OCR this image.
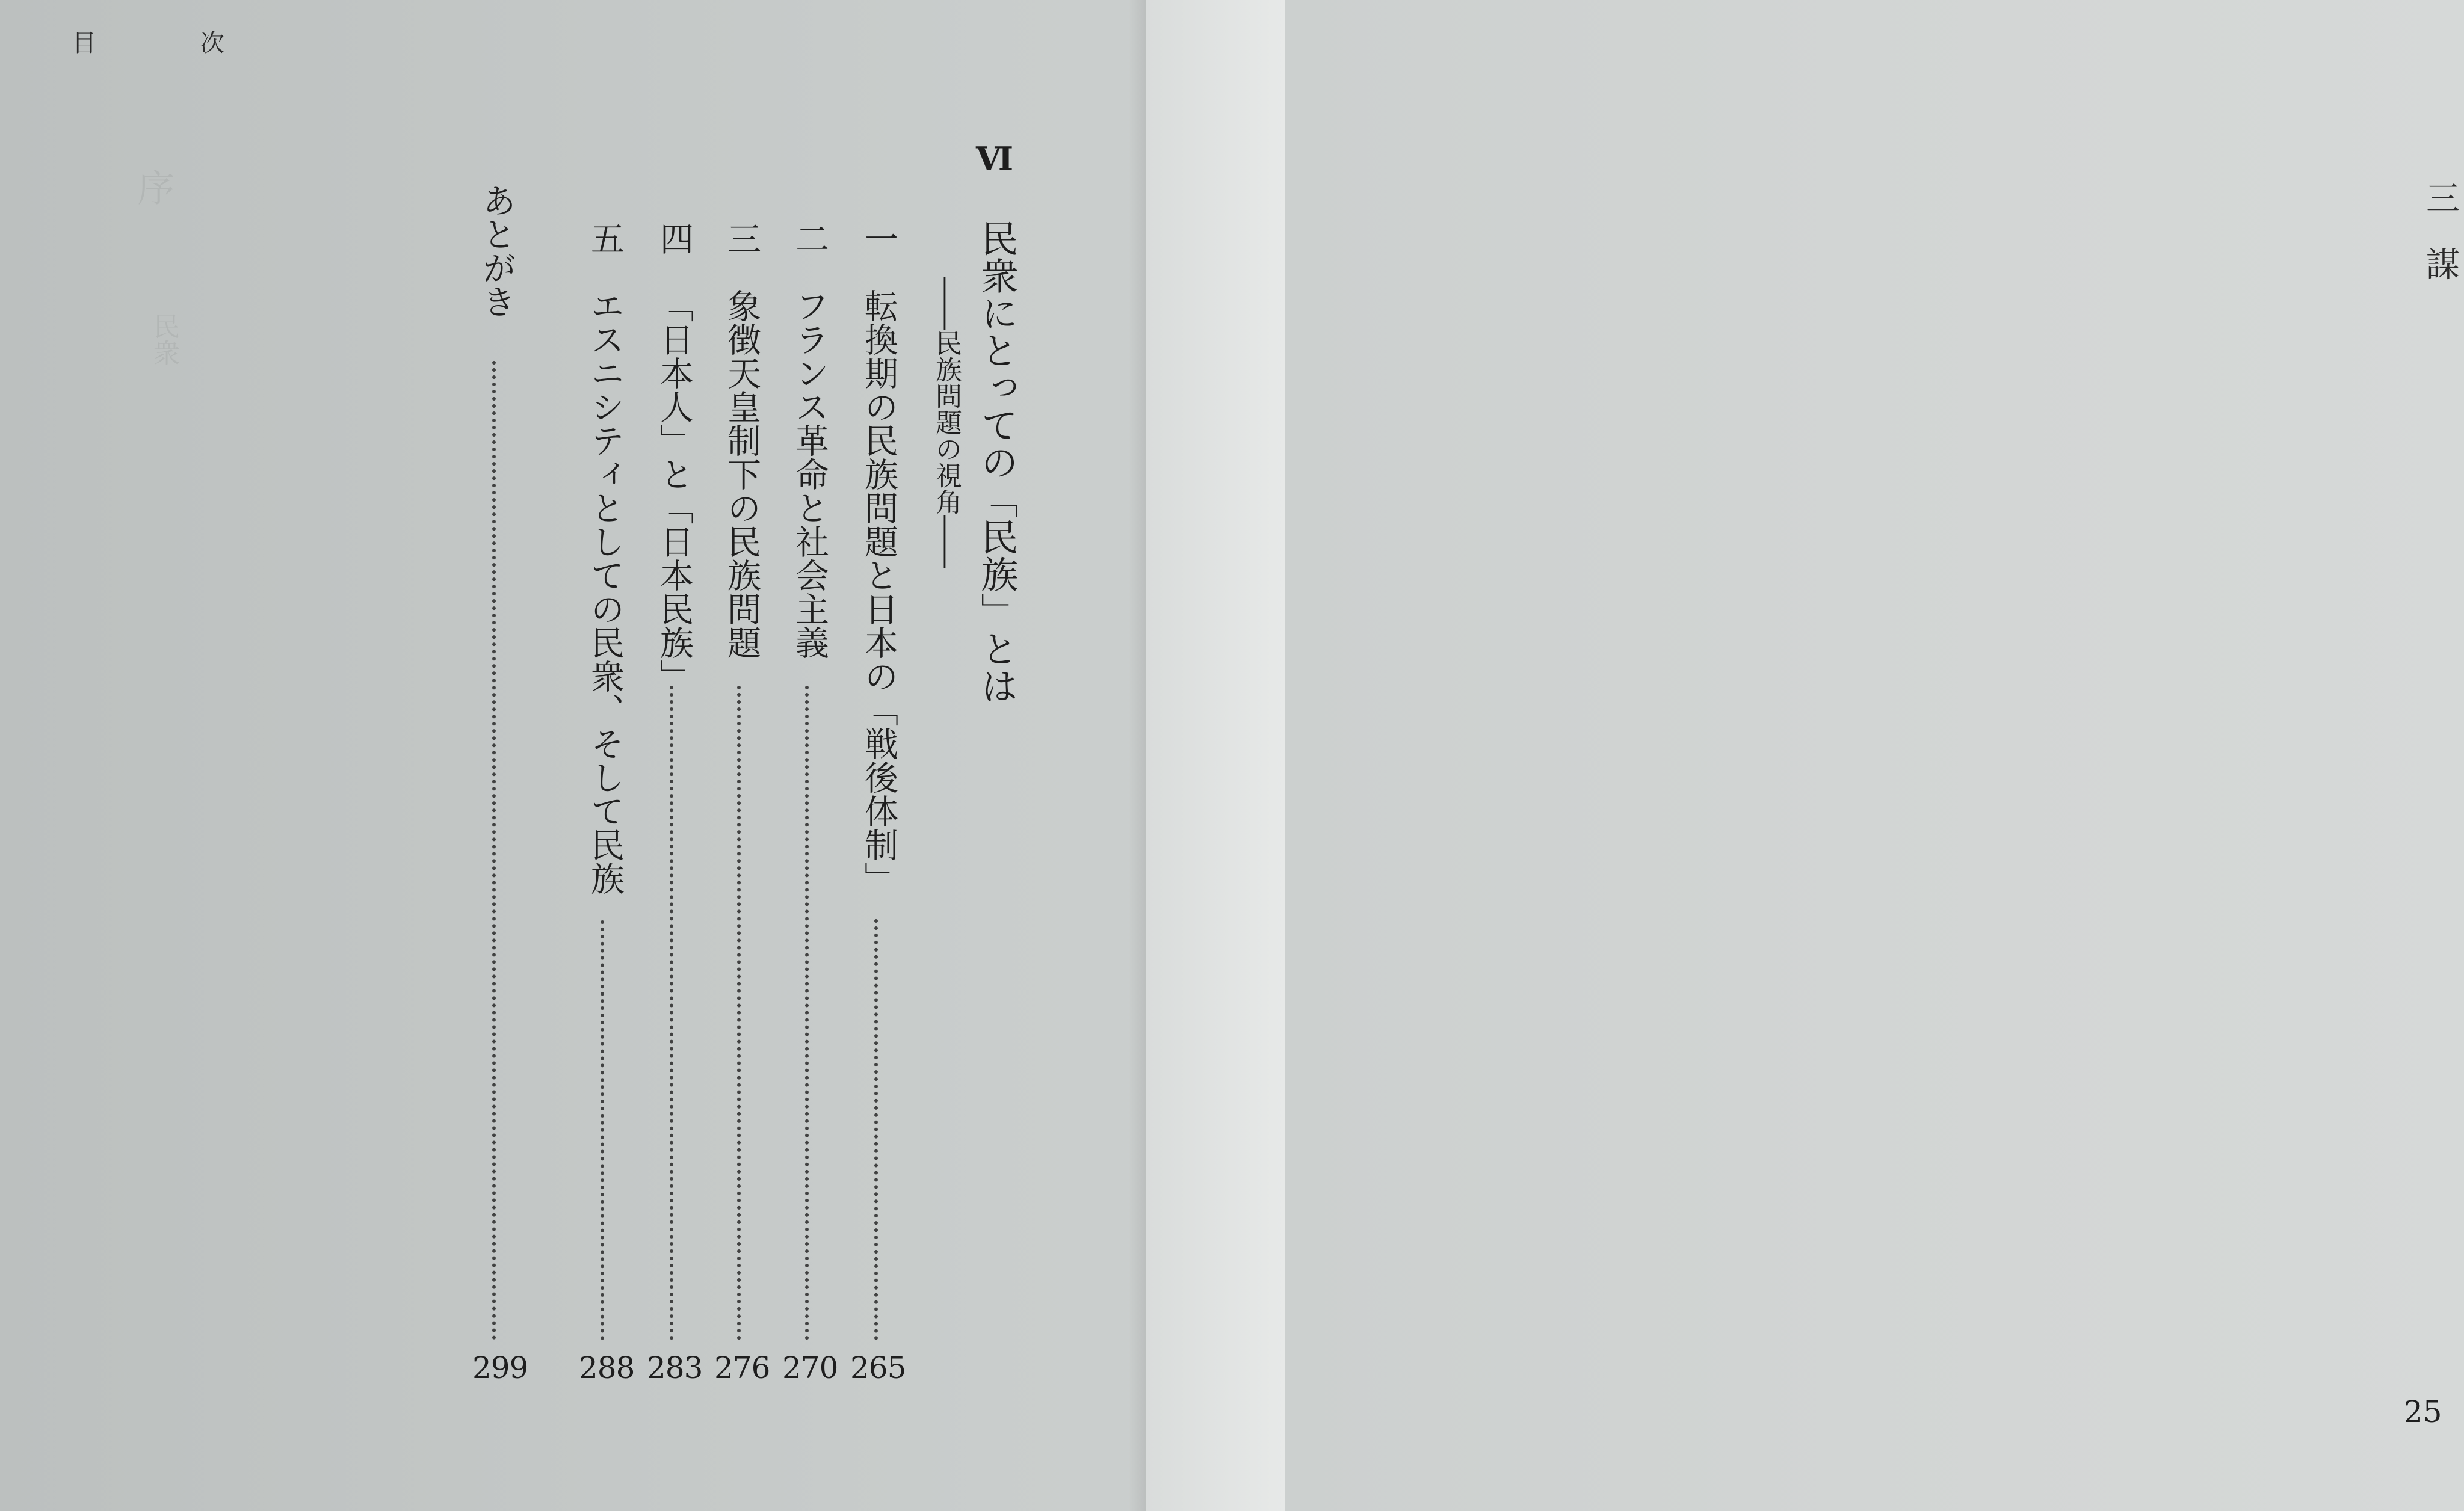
目 次
Ⅵ
民衆にとっての「民族」とは
――民族問題の視角――
一
転換期の民族問題と日本の「戦後体制」
265
二
フランス革命と社会主義
270
三
象徴天皇制下の民族問題
276
四
「日本人」と「日本民族」
283
五
エスニシティとしての民衆、そして民族
288
あとがき
299
序
民衆
三
謀
25
